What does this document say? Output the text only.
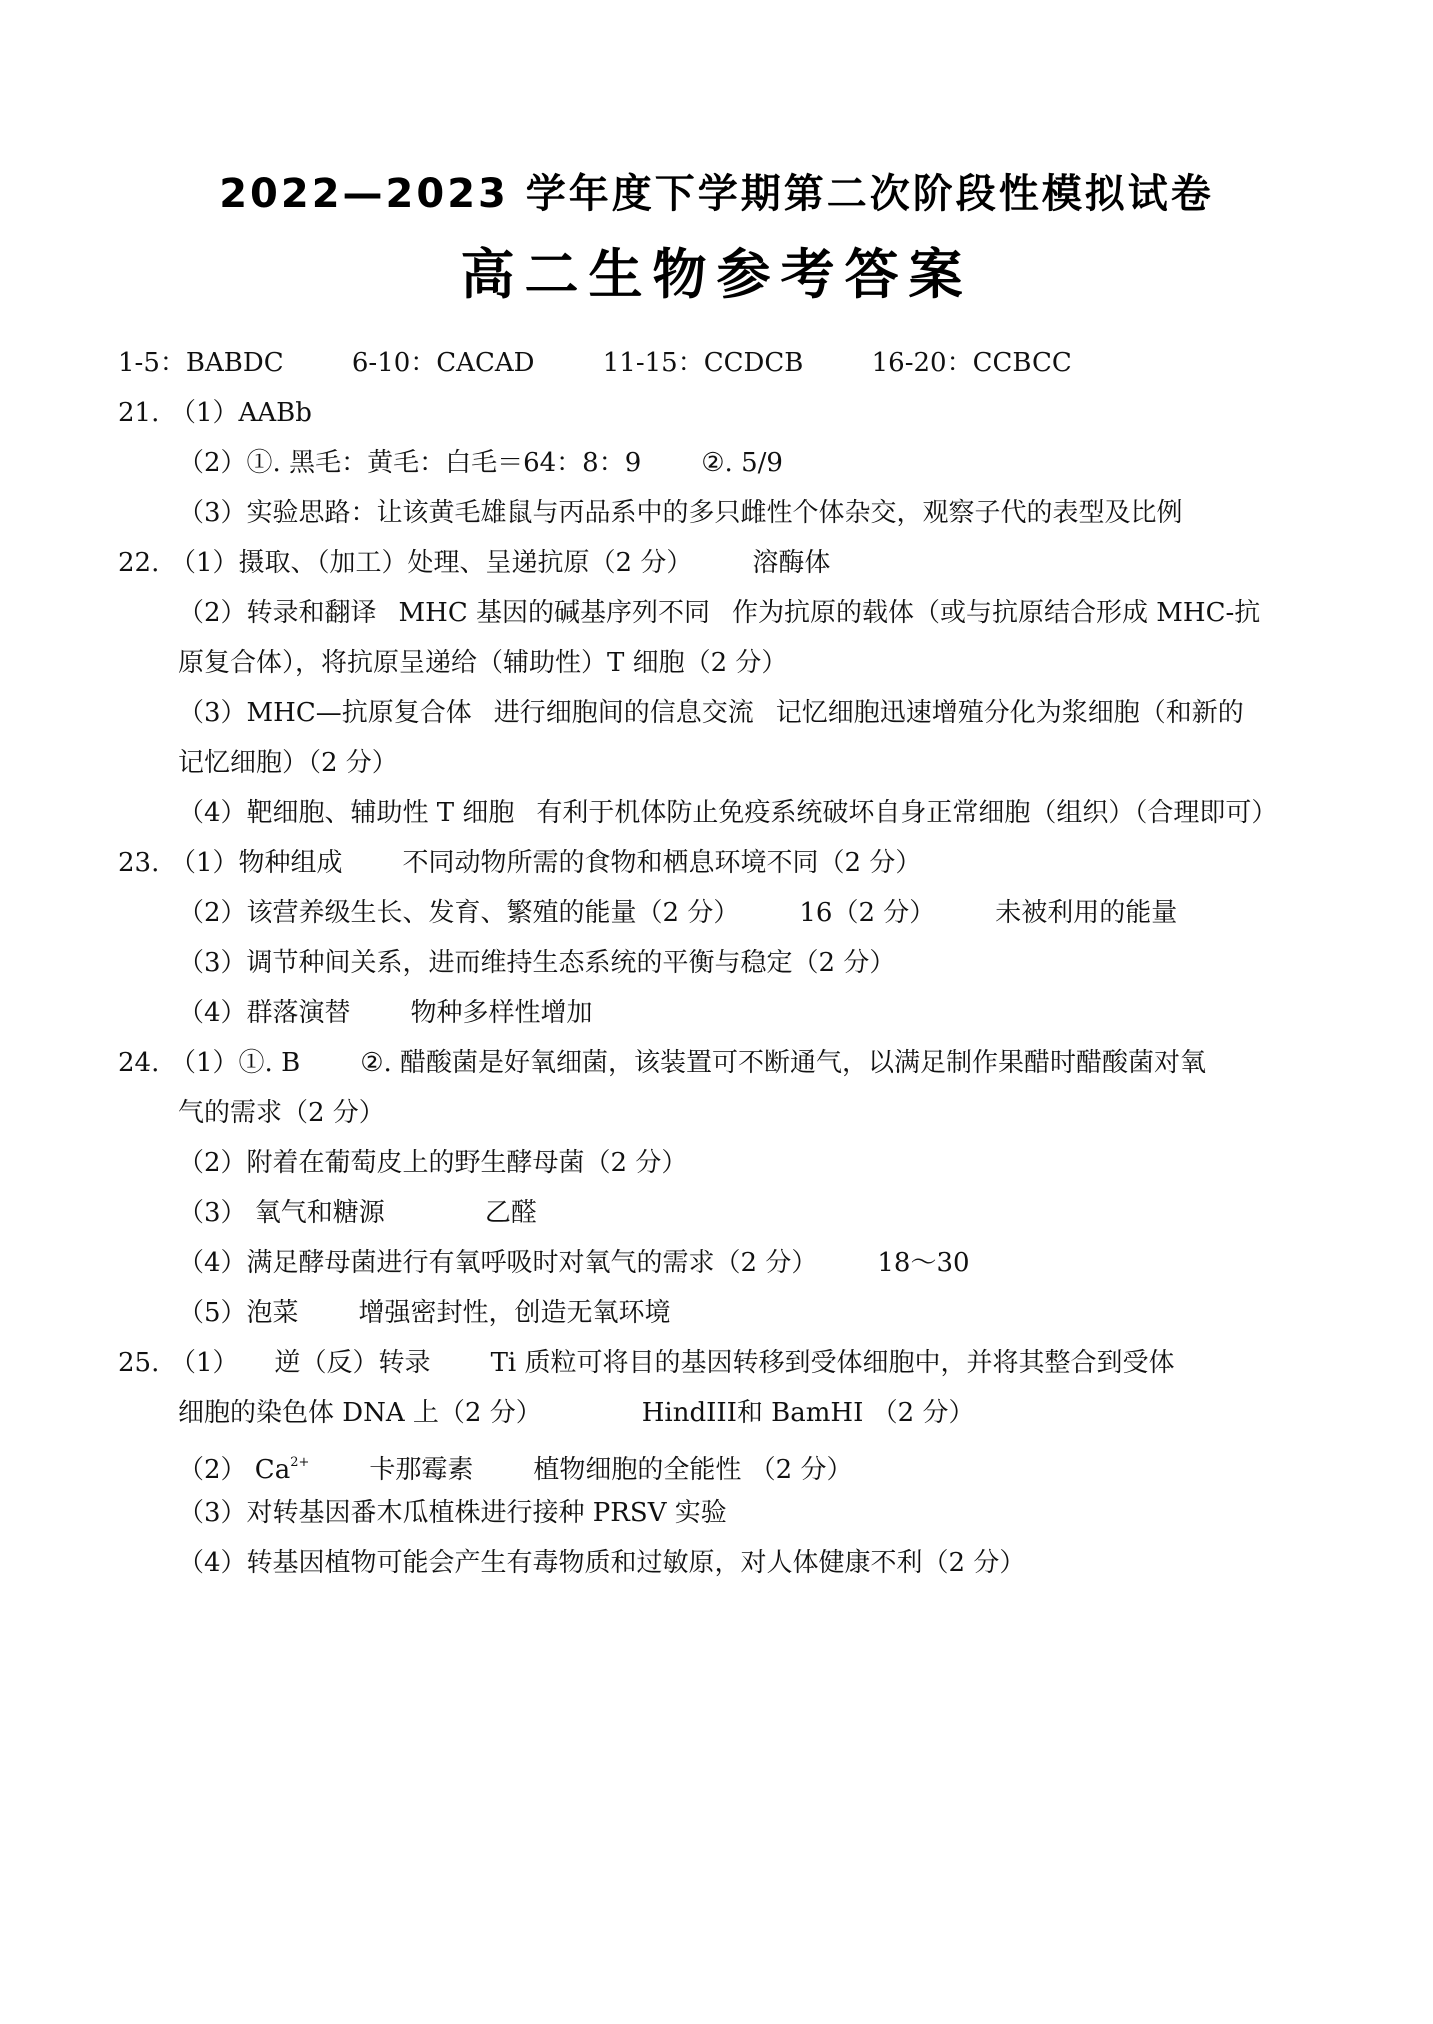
2022—2023 学年度下学期第二次阶段性模拟试卷
高二生物参考答案
1-5：BABDC	6-10：CACAD	11-15：CCDCB	16-20：CCBCC
21. （1）AABb
（2）①. 黑毛：黄毛：白毛＝64：8：9 ②. 5/9
（3）实验思路：让该黄毛雄鼠与丙品系中的多只雌性个体杂交，观察子代的表型及比例
22. （1）摄取、（加工）处理、呈递抗原（2 分） 溶酶体
（2）转录和翻译 MHC 基因的碱基序列不同 作为抗原的载体（或与抗原结合形成 MHC-抗
原复合体），将抗原呈递给（辅助性）T 细胞（2 分）
（3）MHC—抗原复合体 进行细胞间的信息交流 记忆细胞迅速增殖分化为浆细胞（和新的
记忆细胞）（2 分）
（4）靶细胞、辅助性 T 细胞 有利于机体防止免疫系统破坏自身正常细胞（组织）（合理即可）
23. （1）物种组成 不同动物所需的食物和栖息环境不同（2 分）
（2）该营养级生长、发育、繁殖的能量（2 分） 16（2 分） 未被利用的能量
（3）调节种间关系，进而维持生态系统的平衡与稳定（2 分）
（4）群落演替 物种多样性增加
24. （1）①. B ②. 醋酸菌是好氧细菌，该装置可不断通气，以满足制作果醋时醋酸菌对氧
气的需求（2 分）
（2）附着在葡萄皮上的野生酵母菌（2 分）
（3） 氧气和糖源	乙醛
（4）满足酵母菌进行有氧呼吸时对氧气的需求（2 分） 18～30
（5）泡菜 增强密封性，创造无氧环境
25. （1） 逆（反）转录 Ti 质粒可将目的基因转移到受体细胞中，并将其整合到受体
细胞的染色体 DNA 上（2 分）	HindIII和 BamHI （2 分）
（2） $Ca^{2+}$ 卡那霉素 植物细胞的全能性 （2 分）
（3）对转基因番木瓜植株进行接种 PRSV 实验
（4）转基因植物可能会产生有毒物质和过敏原，对人体健康不利（2 分）
